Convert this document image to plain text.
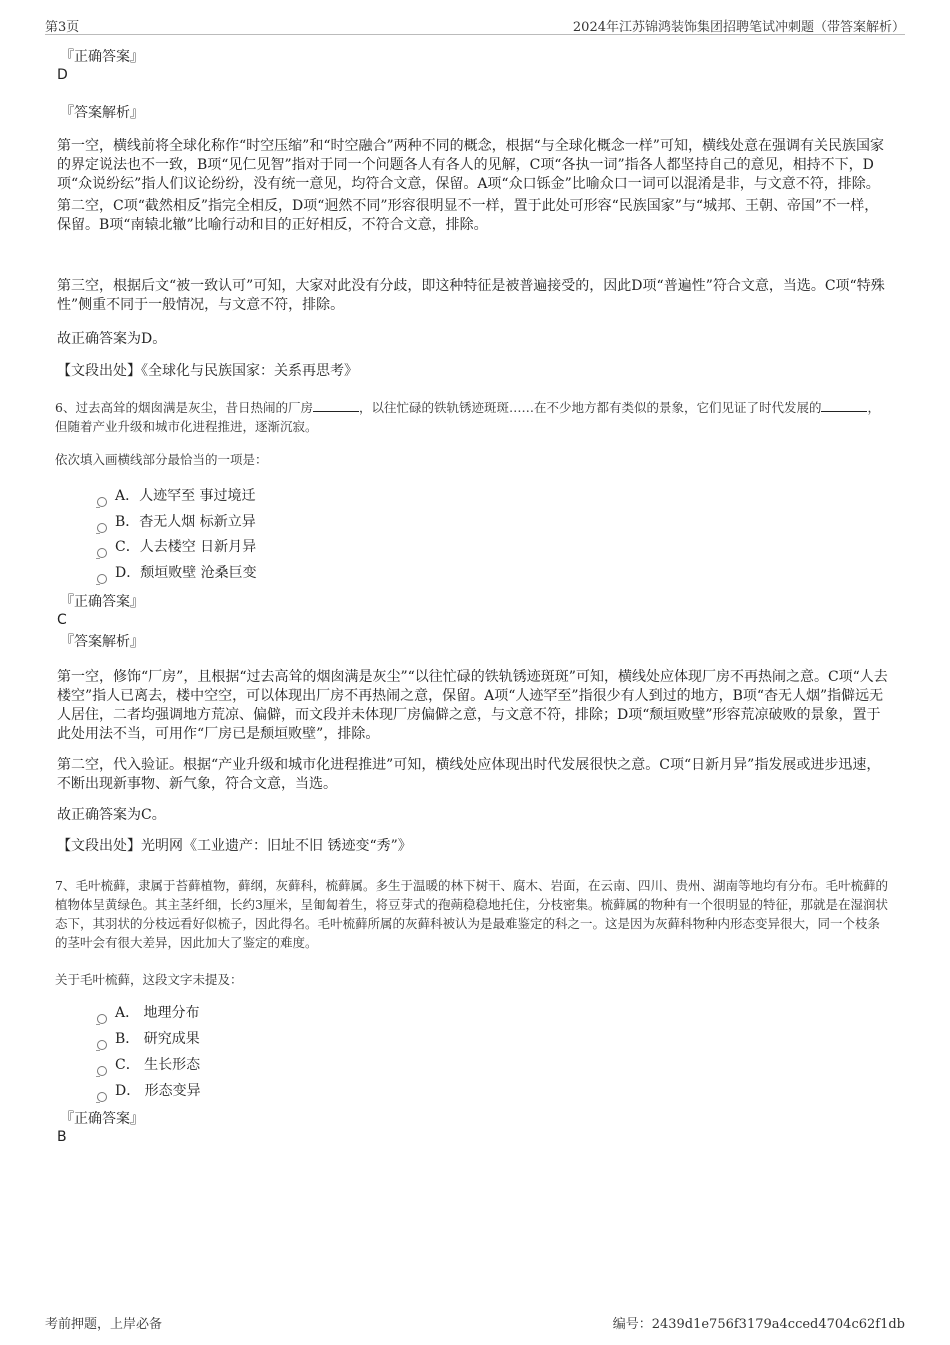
第3页	2024年江苏锦鸿装饰集团招聘笔试冲刺题（带答案解析）
『正确答案』
D
『答案解析』

第一空，横线前将全球化称作“时空压缩”和“时空融合”两种不同的概念，根据“与全球化概念一样”可知，横线处意在强调有关民族国家的界定说法也不一致，B项“见仁见智”指对于同一个问题各人有各人的见解，C项“各执一词”指各人都坚持自己的意见，相持不下，D项“众说纷纭”指人们议论纷纷，没有统一意见，均符合文意，保留。A项“众口铄金”比喻众口一词可以混淆是非，与文意不符，排除。

第二空，C项“截然相反”指完全相反，D项“迥然不同”形容很明显不一样，置于此处可形容“民族国家”与“城邦、王朝、帝国”不一样，保留。B项“南辕北辙”比喻行动和目的正好相反，不符合文意，排除。

第三空，根据后文“被一致认可”可知，大家对此没有分歧，即这种特征是被普遍接受的，因此D项“普遍性”符合文意，当选。C项“特殊性”侧重不同于一般情况，与文意不符，排除。

故正确答案为D。

【文段出处】《全球化与民族国家：关系再思考》

6、过去高耸的烟囱满是灰尘，昔日热闹的厂房	，以往忙碌的铁轨锈迹斑斑……在不少地方都有类似的景象，它们见证了时代发展的	，但随着产业升级和城市化进程推进，逐渐沉寂。

依次填入画横线部分最恰当的一项是：

A．人迹罕至 事过境迁
B．杳无人烟 标新立异
C．人去楼空 日新月异
D．颓垣败壁 沧桑巨变
『正确答案』
C
『答案解析』

第一空，修饰“厂房”，且根据“过去高耸的烟囱满是灰尘”“以往忙碌的铁轨锈迹斑斑”可知，横线处应体现厂房不再热闹之意。C项“人去楼空”指人已离去，楼中空空，可以体现出厂房不再热闹之意，保留。A项“人迹罕至”指很少有人到过的地方，B项“杳无人烟”指僻远无人居住，二者均强调地方荒凉、偏僻，而文段并未体现厂房偏僻之意，与文意不符，排除；D项“颓垣败壁”形容荒凉破败的景象，置于此处用法不当，可用作“厂房已是颓垣败壁”，排除。

第二空，代入验证。根据“产业升级和城市化进程推进”可知，横线处应体现出时代发展很快之意。C项“日新月异”指发展或进步迅速，不断出现新事物、新气象，符合文意，当选。

故正确答案为C。

【文段出处】光明网《工业遗产：旧址不旧 锈迹变“秀”》

7、毛叶梳藓，隶属于苔藓植物，藓纲，灰藓科，梳藓属。多生于温暖的林下树干、腐木、岩面，在云南、四川、贵州、湖南等地均有分布。毛叶梳藓的植物体呈黄绿色。其主茎纤细，长约3厘米，呈匍匐着生，将豆芽式的孢蒴稳稳地托住，分枝密集。梳藓属的物种有一个很明显的特征，那就是在湿润状态下，其羽状的分枝远看好似梳子，因此得名。毛叶梳藓所属的灰藓科被认为是最难鉴定的科之一。这是因为灰藓科物种内形态变异很大，同一个枝条的茎叶会有很大差异，因此加大了鉴定的难度。

关于毛叶梳藓，这段文字未提及：

A． 地理分布
B． 研究成果
C． 生长形态
D． 形态变异
『正确答案』
B
考前押题，上岸必备	编号：2439d1e756f3179a4cced4704c62f1db
